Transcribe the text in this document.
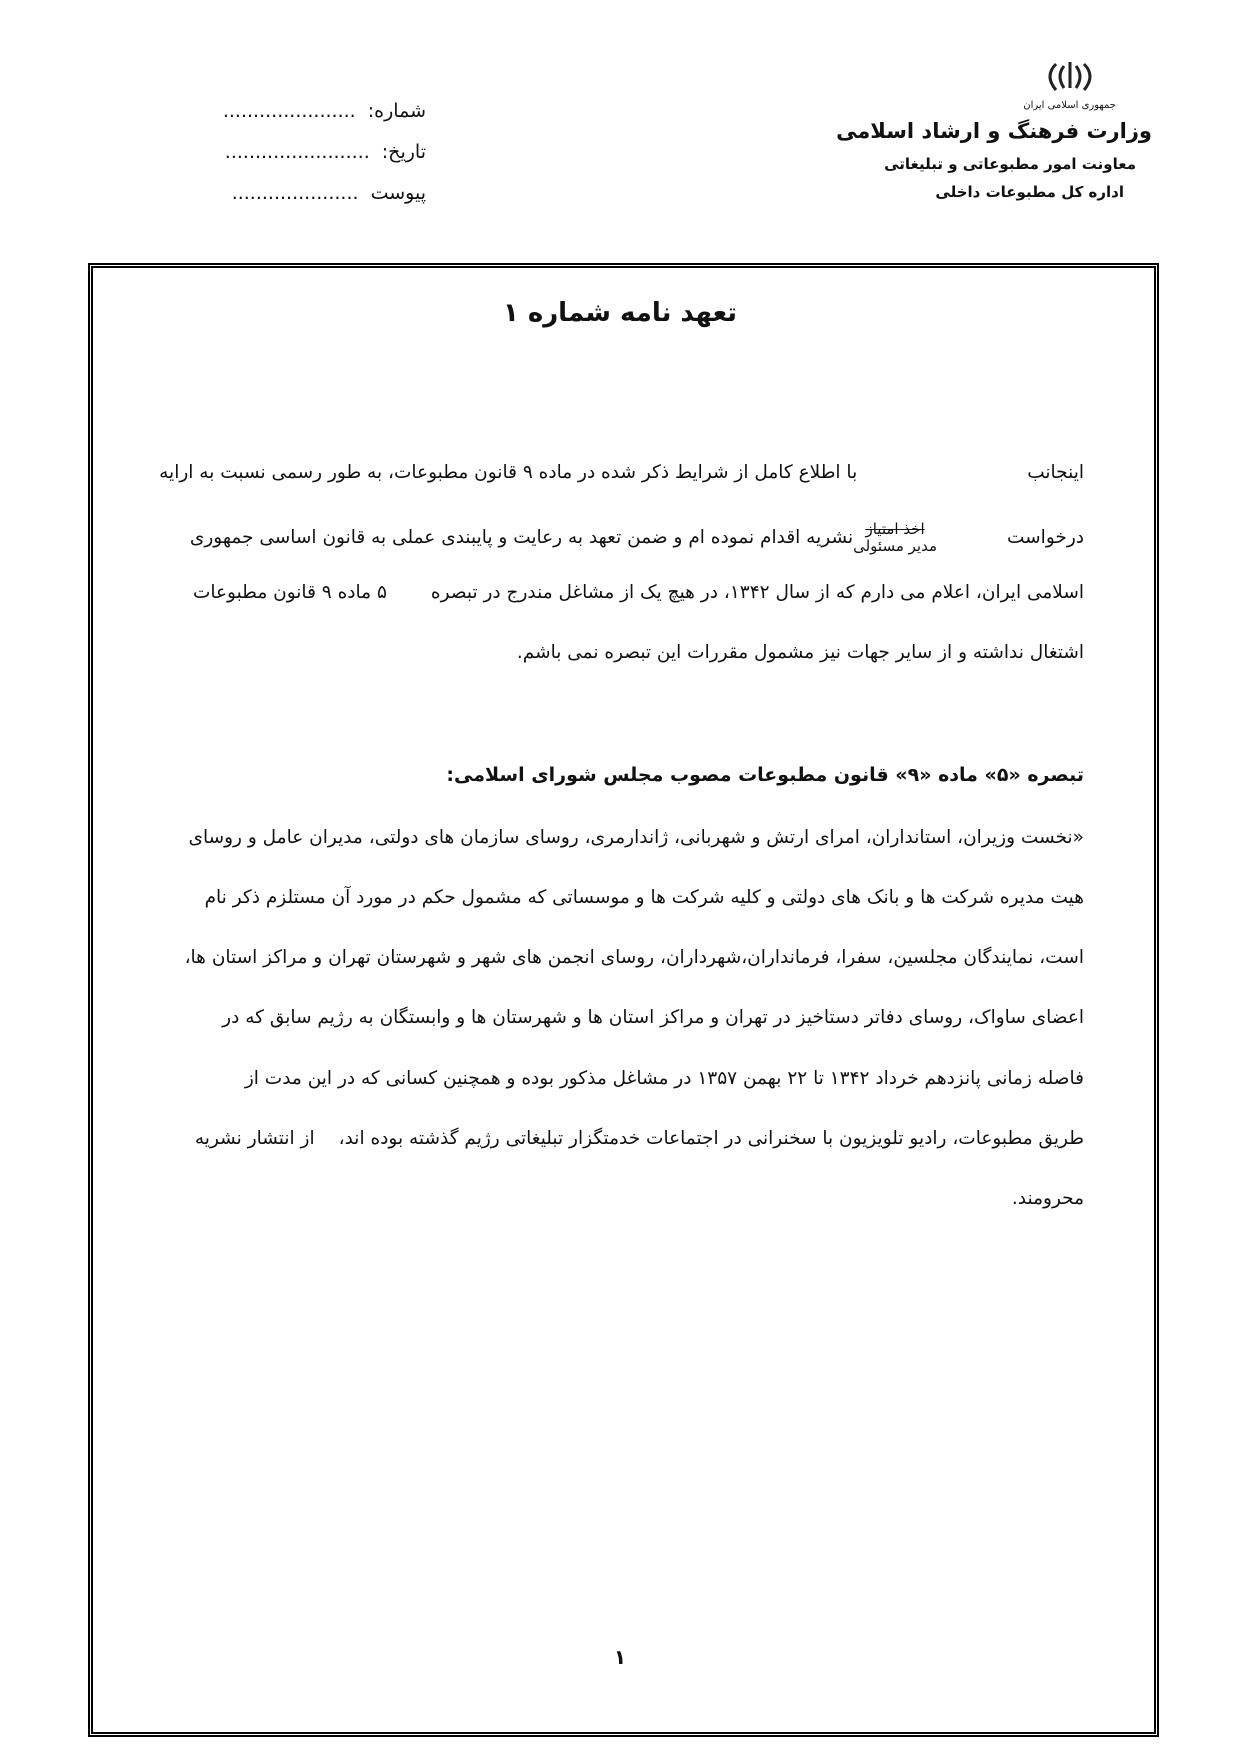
جمهوری اسلامی ایران
وزارت فرهنگ و ارشاد اسلامی
معاونت امور مطبوعاتی و تبلیغاتی
اداره کل مطبوعات داخلی
شماره: ......................
تاریخ: ........................
پیوست .....................
تعهد نامه شماره ۱
اینجانببا اطلاع کامل از شرایط ذکر شده در ماده ۹ قانون مطبوعات، به طور رسمی نسبت به ارایه
درخواست
اخذ امتیاز
مدیر مسئولی
نشریه اقدام نموده ام و ضمن تعهد به رعایت و پایبندی عملی به قانون اساسی جمهوری
اسلامی ایران، اعلام می دارم که از سال ۱۳۴۲، در هیچ یک از مشاغل مندرج در تبصره۵ ماده ۹ قانون مطبوعات
اشتغال نداشته و از سایر جهات نیز مشمول مقررات این تبصره نمی باشم.
تبصره «۵» ماده «۹» قانون مطبوعات مصوب مجلس شورای اسلامی:
«نخست وزیران، استانداران، امرای ارتش و شهربانی، ژاندارمری، روسای سازمان های دولتی، مدیران عامل و روسای
هیت مدیره شرکت ها و بانک های دولتی و کلیه شرکت ها و موسساتی که مشمول حکم در مورد آن مستلزم ذکر نام
است، نمایندگان مجلسین، سفرا، فرمانداران،شهرداران، روسای انجمن های شهر و شهرستان تهران و مراکز استان ها،
اعضای ساواک، روسای دفاتر دستاخیز در تهران و مراکز استان ها و شهرستان ها و وابستگان به رژیم سابق که در
فاصله زمانی پانزدهم خرداد ۱۳۴۲ تا ۲۲ بهمن ۱۳۵۷ در مشاغل مذکور بوده و همچنین کسانی که در این مدت از
طریق مطبوعات، رادیو تلویزیون با سخنرانی در اجتماعات خدمتگزار تبلیغاتی رژیم گذشته بوده اند،از انتشار نشریه
محرومند.
۱
